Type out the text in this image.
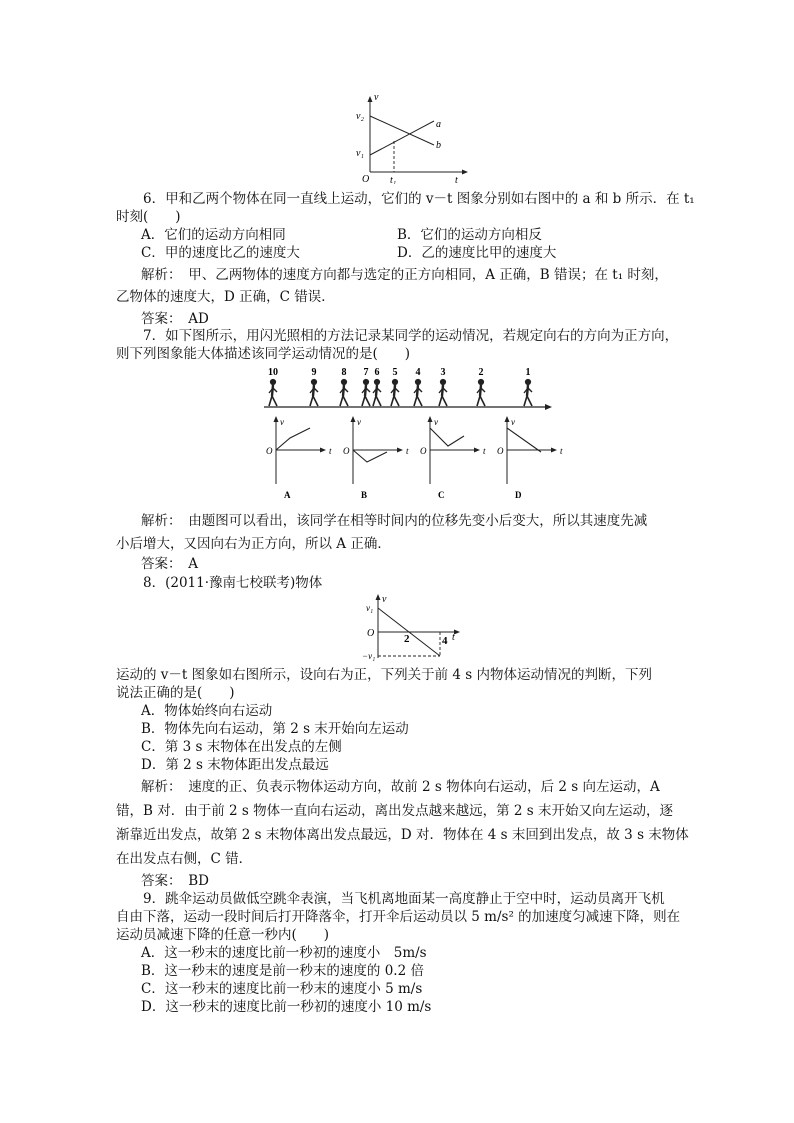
v
v₂
v₁
O t₁	t
a
b
6．甲和乙两个物体在同一直线上运动，它们的 v－t 图象分别如右图中的 a 和 b 所示．在 t₁
时刻(　　)
A．它们的运动方向相同	B．它们的运动方向相反
C．甲的速度比乙的速度大	D．乙的速度比甲的速度大
解析：　甲、乙两物体的速度方向都与选定的正方向相同，A 正确，B 错误；在 t₁ 时刻，
乙物体的速度大，D 正确，C 错误．
答案：　AD
7．如下图所示，用闪光照相的方法记录某同学的运动情况，若规定向右的方向为正方向，
则下列图象能大体描述该同学运动情况的是(　　)
10	9	8 7 6 5 4 3	2	1
v
O	t
A
v
O	t
B
v
O	t
C
v
O	t
D
解析：　由题图可以看出，该同学在相等时间内的位移先变小后变大，所以其速度先减
小后增大，又因向右为正方向，所以 A 正确．
答案：　A
8．(2011·豫南七校联考)物体
v
v₁
O	2	4 t
−v₁
运动的 v－t 图象如右图所示，设向右为正，下列关于前 4 s 内物体运动情况的判断，下列
说法正确的是(　　)
A．物体始终向右运动
B．物体先向右运动，第 2 s 末开始向左运动
C．第 3 s 末物体在出发点的左侧
D．第 2 s 末物体距出发点最远
解析：　速度的正、负表示物体运动方向，故前 2 s 物体向右运动，后 2 s 向左运动，A
错，B 对．由于前 2 s 物体一直向右运动，离出发点越来越远，第 2 s 末开始又向左运动，逐
渐靠近出发点，故第 2 s 末物体离出发点最远，D 对．物体在 4 s 末回到出发点，故 3 s 末物体
在出发点右侧，C 错．
答案：　BD
9．跳伞运动员做低空跳伞表演，当飞机离地面某一高度静止于空中时，运动员离开飞机
自由下落，运动一段时间后打开降落伞，打开伞后运动员以 5 m/s² 的加速度匀减速下降，则在
运动员减速下降的任意一秒内(　　)
A．这一秒末的速度比前一秒初的速度小　5m/s
B．这一秒末的速度是前一秒末的速度的 0.2 倍
C．这一秒末的速度比前一秒末的速度小 5 m/s
D．这一秒末的速度比前一秒初的速度小 10 m/s
